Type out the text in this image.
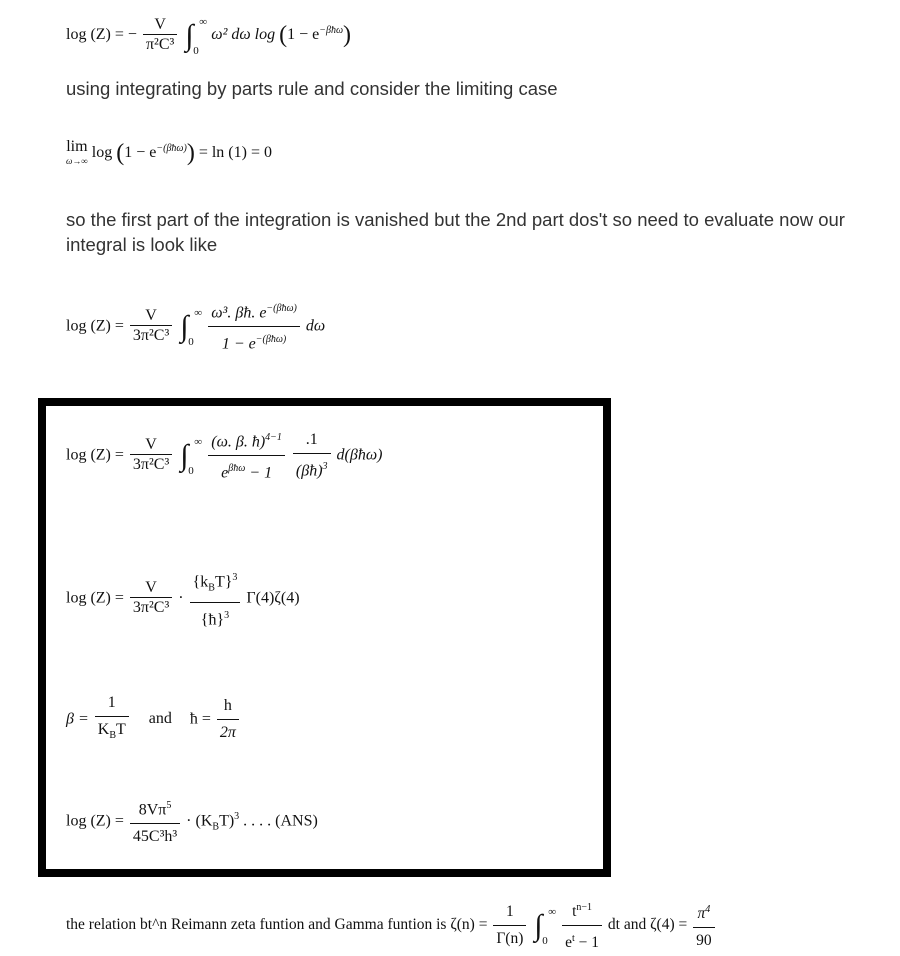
log (Z) = − $\frac{V}{\text{π²C³}}$ ∫ ∞
0
ω² dω $\log (1 - e^{-\beta ħ\omega})$
using integrating by parts rule and consider the limiting case
lim
ω→∞ $\log (1 - e^{-(\beta ħ\omega)}) = \ln (1) = 0$
so the first part of the integration is vanished but the 2nd part dos't so need to evaluate now our integral is look like
$\log (Z) = \frac{V}{\text{3π²C³}}$ ∫ ∞
0
$\frac{\omega^3. \beta ħ. e^{-(\beta ħ\omega)}}{1 - e^{-(\beta ħ\omega)}}$ dω
$\log (Z) = \frac{V}{\text{3π²C³}}$ ∫ ∞
0
$\frac{(\omega. \beta. ħ)^{4-1}}{e^{\beta ħ\omega} - 1}$
$\frac{.1}{(\beta ħ)^3}$ d(βħω)
$\log (Z) = \frac{V}{\text{3π²C³}} \cdot \frac{\{k_BT\}^3}{\{ħ\}^3} \Gamma(4)\zeta(4)$
$\beta = \frac{1}{K_BT}$ and ħ = $\frac{h}{2\pi}$
$\log (Z) = \frac{8V\pi^5}{\text{45C³h³}} \cdot (K_BT)^3$ . . . . (ANS)
the relation bt^n Reimann zeta funtion and Gamma funtion is $\zeta(n) = \frac{1}{\Gamma(n)}$ ∫ ∞
0
$\frac{t^{n-1}}{e^t - 1}$ dt and $\zeta(4) = \frac{\pi^4}{90}$
